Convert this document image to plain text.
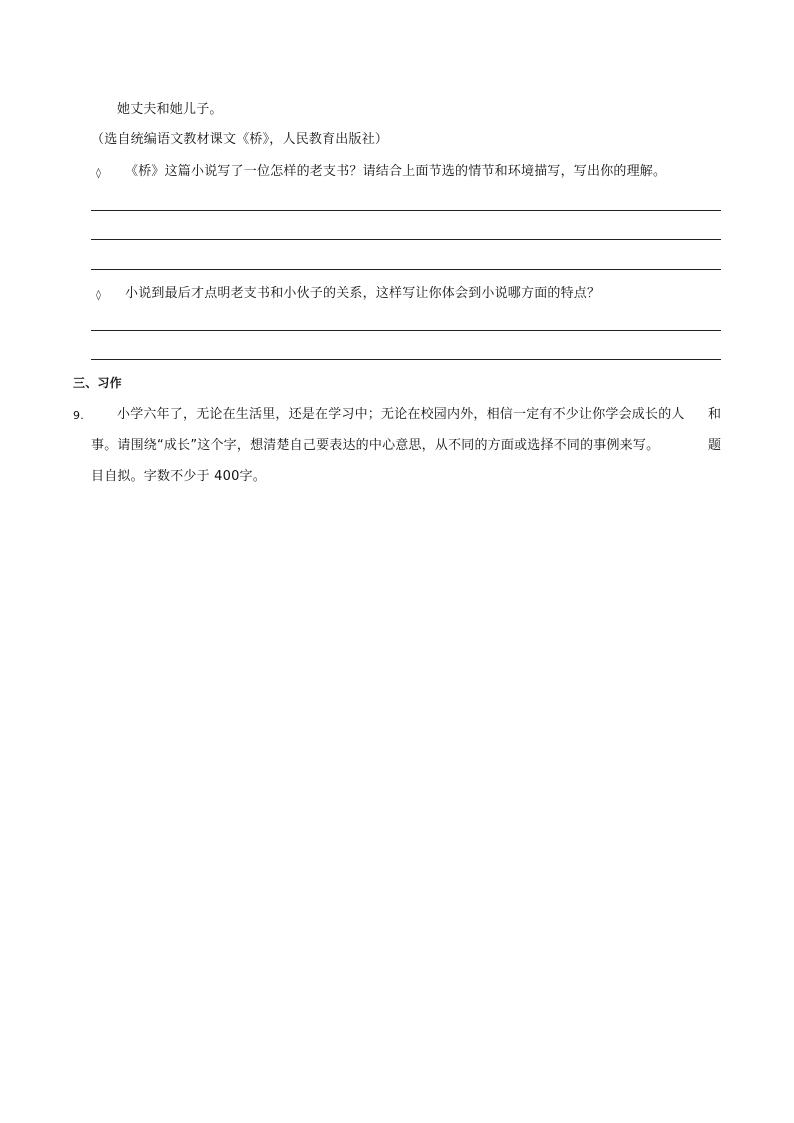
她丈夫和她儿子。
（选自统编语文教材课文《桥》，人民教育出版社）
◊ 《桥》这篇小说写了一位怎样的老支书？请结合上面节选的情节和环境描写，写出你的理解。
◊ 小说到最后才点明老支书和小伙子的关系，这样写让你体会到小说哪方面的特点？
三、习作
9.	小学六年了，无论在生活里，还是在学习中；无论在校园内外，相信一定有不少让你学会成长的人 和
事。请围绕“成长”这个字，想清楚自己要表达的中心意思，从不同的方面或选择不同的事例来写。	题
目自拟。字数不少于 400字。
